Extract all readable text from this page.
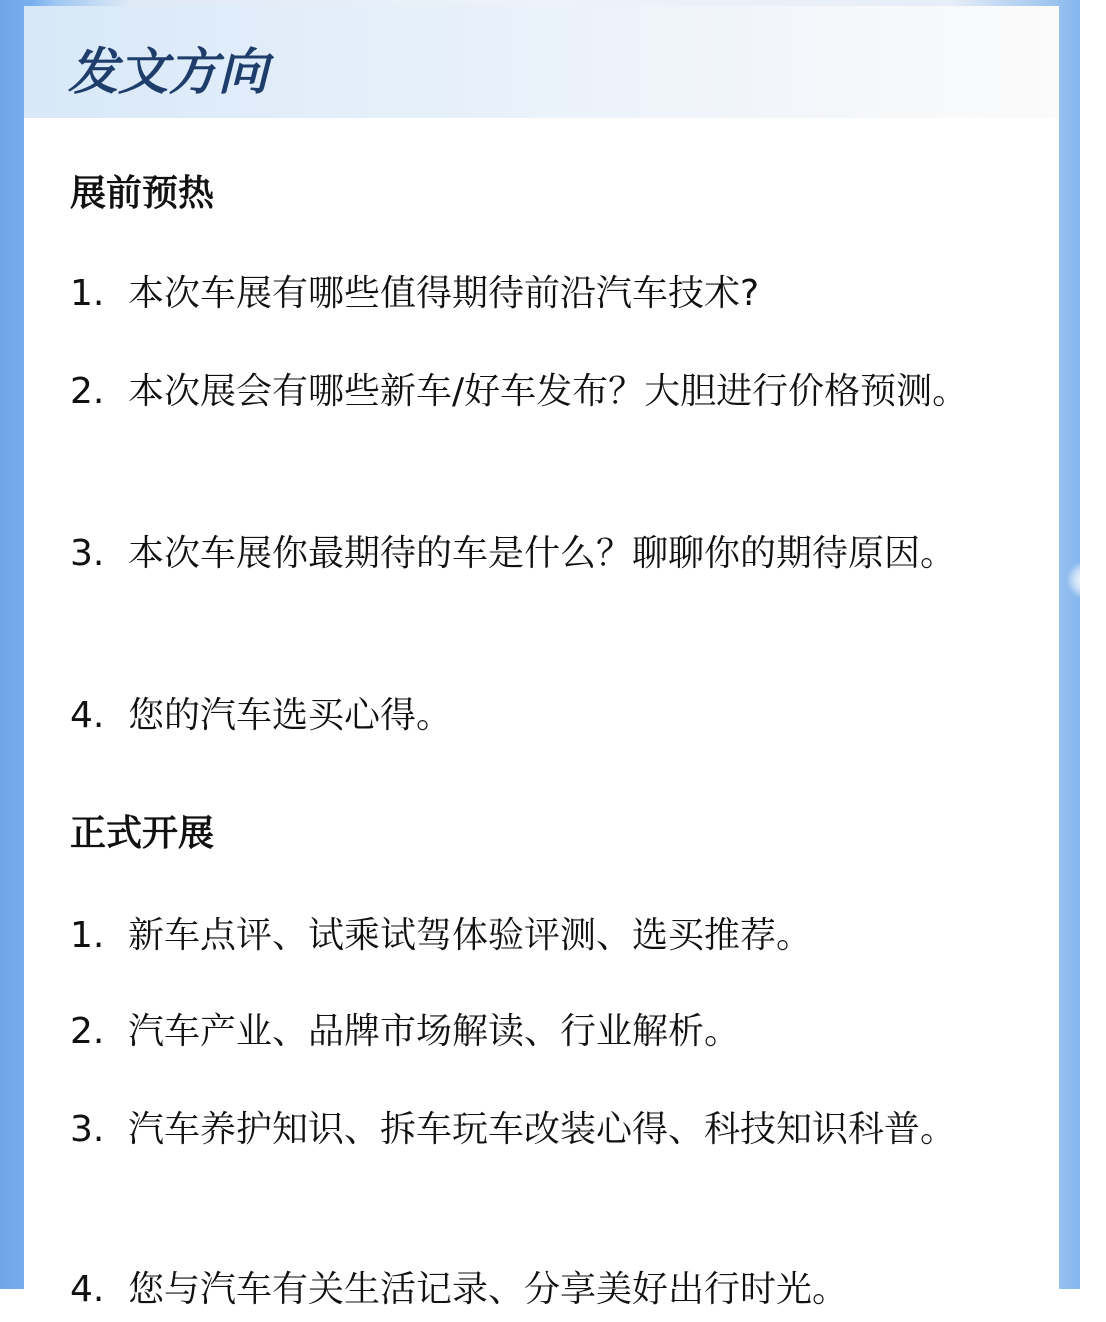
发文方向
展前预热
1. 本次车展有哪些值得期待前沿汽车技术?
2. 本次展会有哪些新车/好车发布？大胆进行价格预测。
3. 本次车展你最期待的车是什么？聊聊你的期待原因。
4. 您的汽车选买心得。
正式开展
1. 新车点评、试乘试驾体验评测、选买推荐。
2. 汽车产业、品牌市场解读、行业解析。
3. 汽车养护知识、拆车玩车改装心得、科技知识科普。
4. 您与汽车有关生活记录、分享美好出行时光。
